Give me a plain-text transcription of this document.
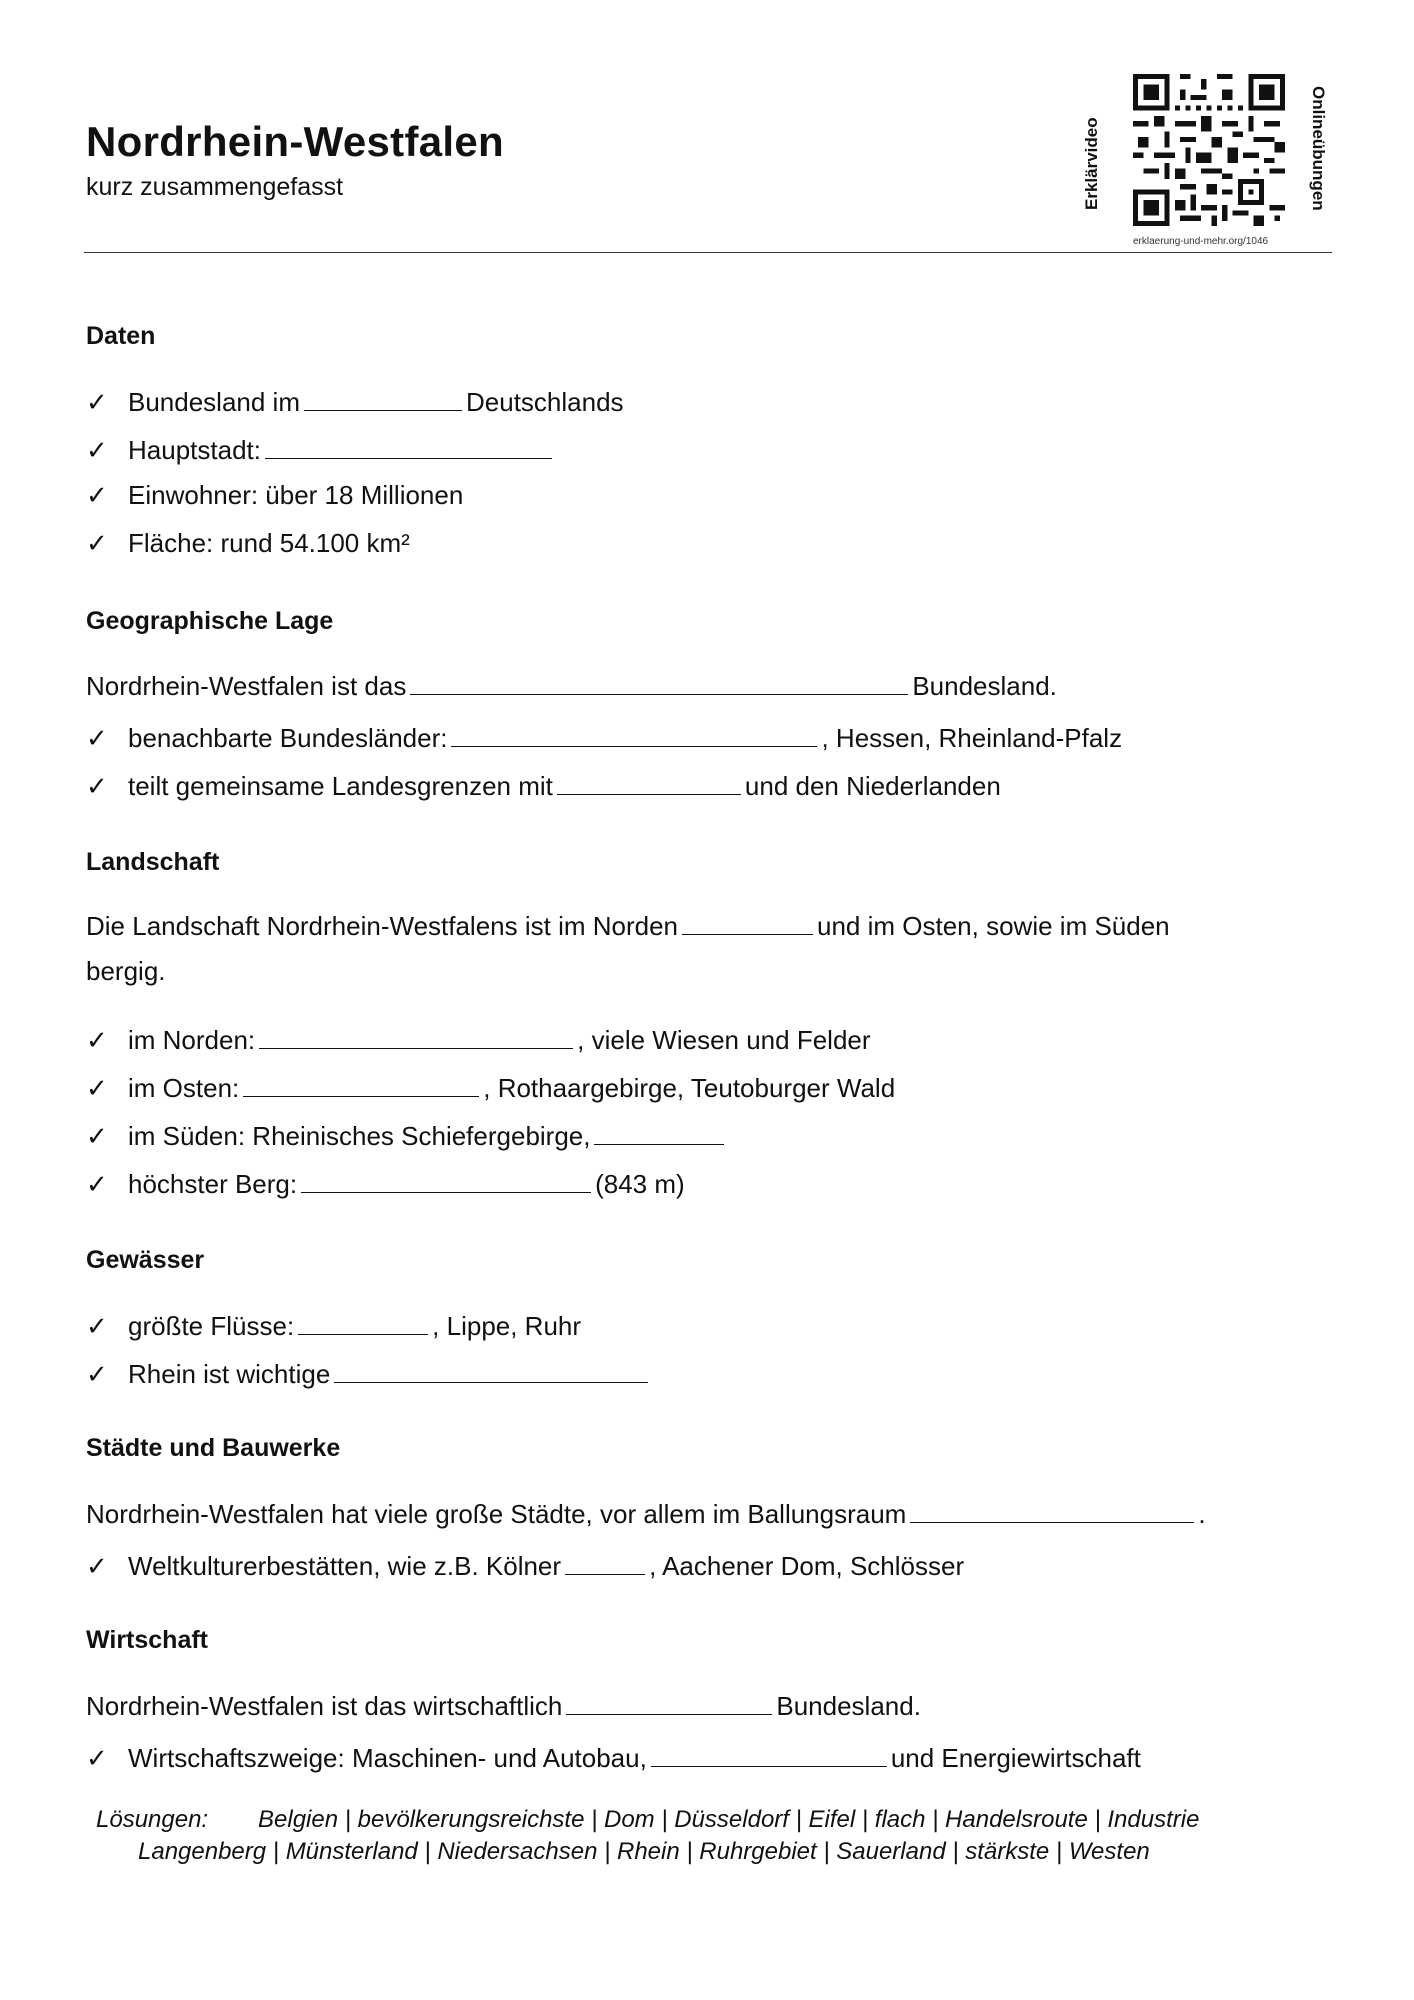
Nordrhein-Westfalen
kurz zusammengefasst	Erklärvideo	Onlineübungen
erklaerung-und-mehr.org/1046
Daten
✓ Bundesland im	Deutschlands
✓ Hauptstadt:
✓ Einwohner: über 18 Millionen
✓ Fläche: rund 54.100 km²
Geographische Lage
Nordrhein-Westfalen ist das	Bundesland.
✓ benachbarte Bundesländer:	, Hessen, Rheinland-Pfalz
✓ teilt gemeinsame Landesgrenzen mit	und den Niederlanden
Landschaft
Die Landschaft Nordrhein-Westfalens ist im Norden	und im Osten, sowie im Süden
bergig.
✓ im Norden:	, viele Wiesen und Felder
✓ im Osten:	, Rothaargebirge, Teutoburger Wald
✓ im Süden: Rheinisches Schiefergebirge,
✓ höchster Berg:	(843 m)
Gewässer
✓ größte Flüsse:	, Lippe, Ruhr
✓ Rhein ist wichtige
Städte und Bauwerke
Nordrhein-Westfalen hat viele große Städte, vor allem im Ballungsraum	.
✓ Weltkulturerbestätten, wie z.B. Kölner	, Aachener Dom, Schlösser
Wirtschaft
Nordrhein-Westfalen ist das wirtschaftlich	Bundesland.
✓ Wirtschaftszweige: Maschinen- und Autobau,	und Energiewirtschaft
Lösungen: Belgien | bevölkerungsreichste | Dom | Düsseldorf | Eifel | flach | Handelsroute | Industrie
Langenberg | Münsterland | Niedersachsen | Rhein | Ruhrgebiet | Sauerland | stärkste | Westen
